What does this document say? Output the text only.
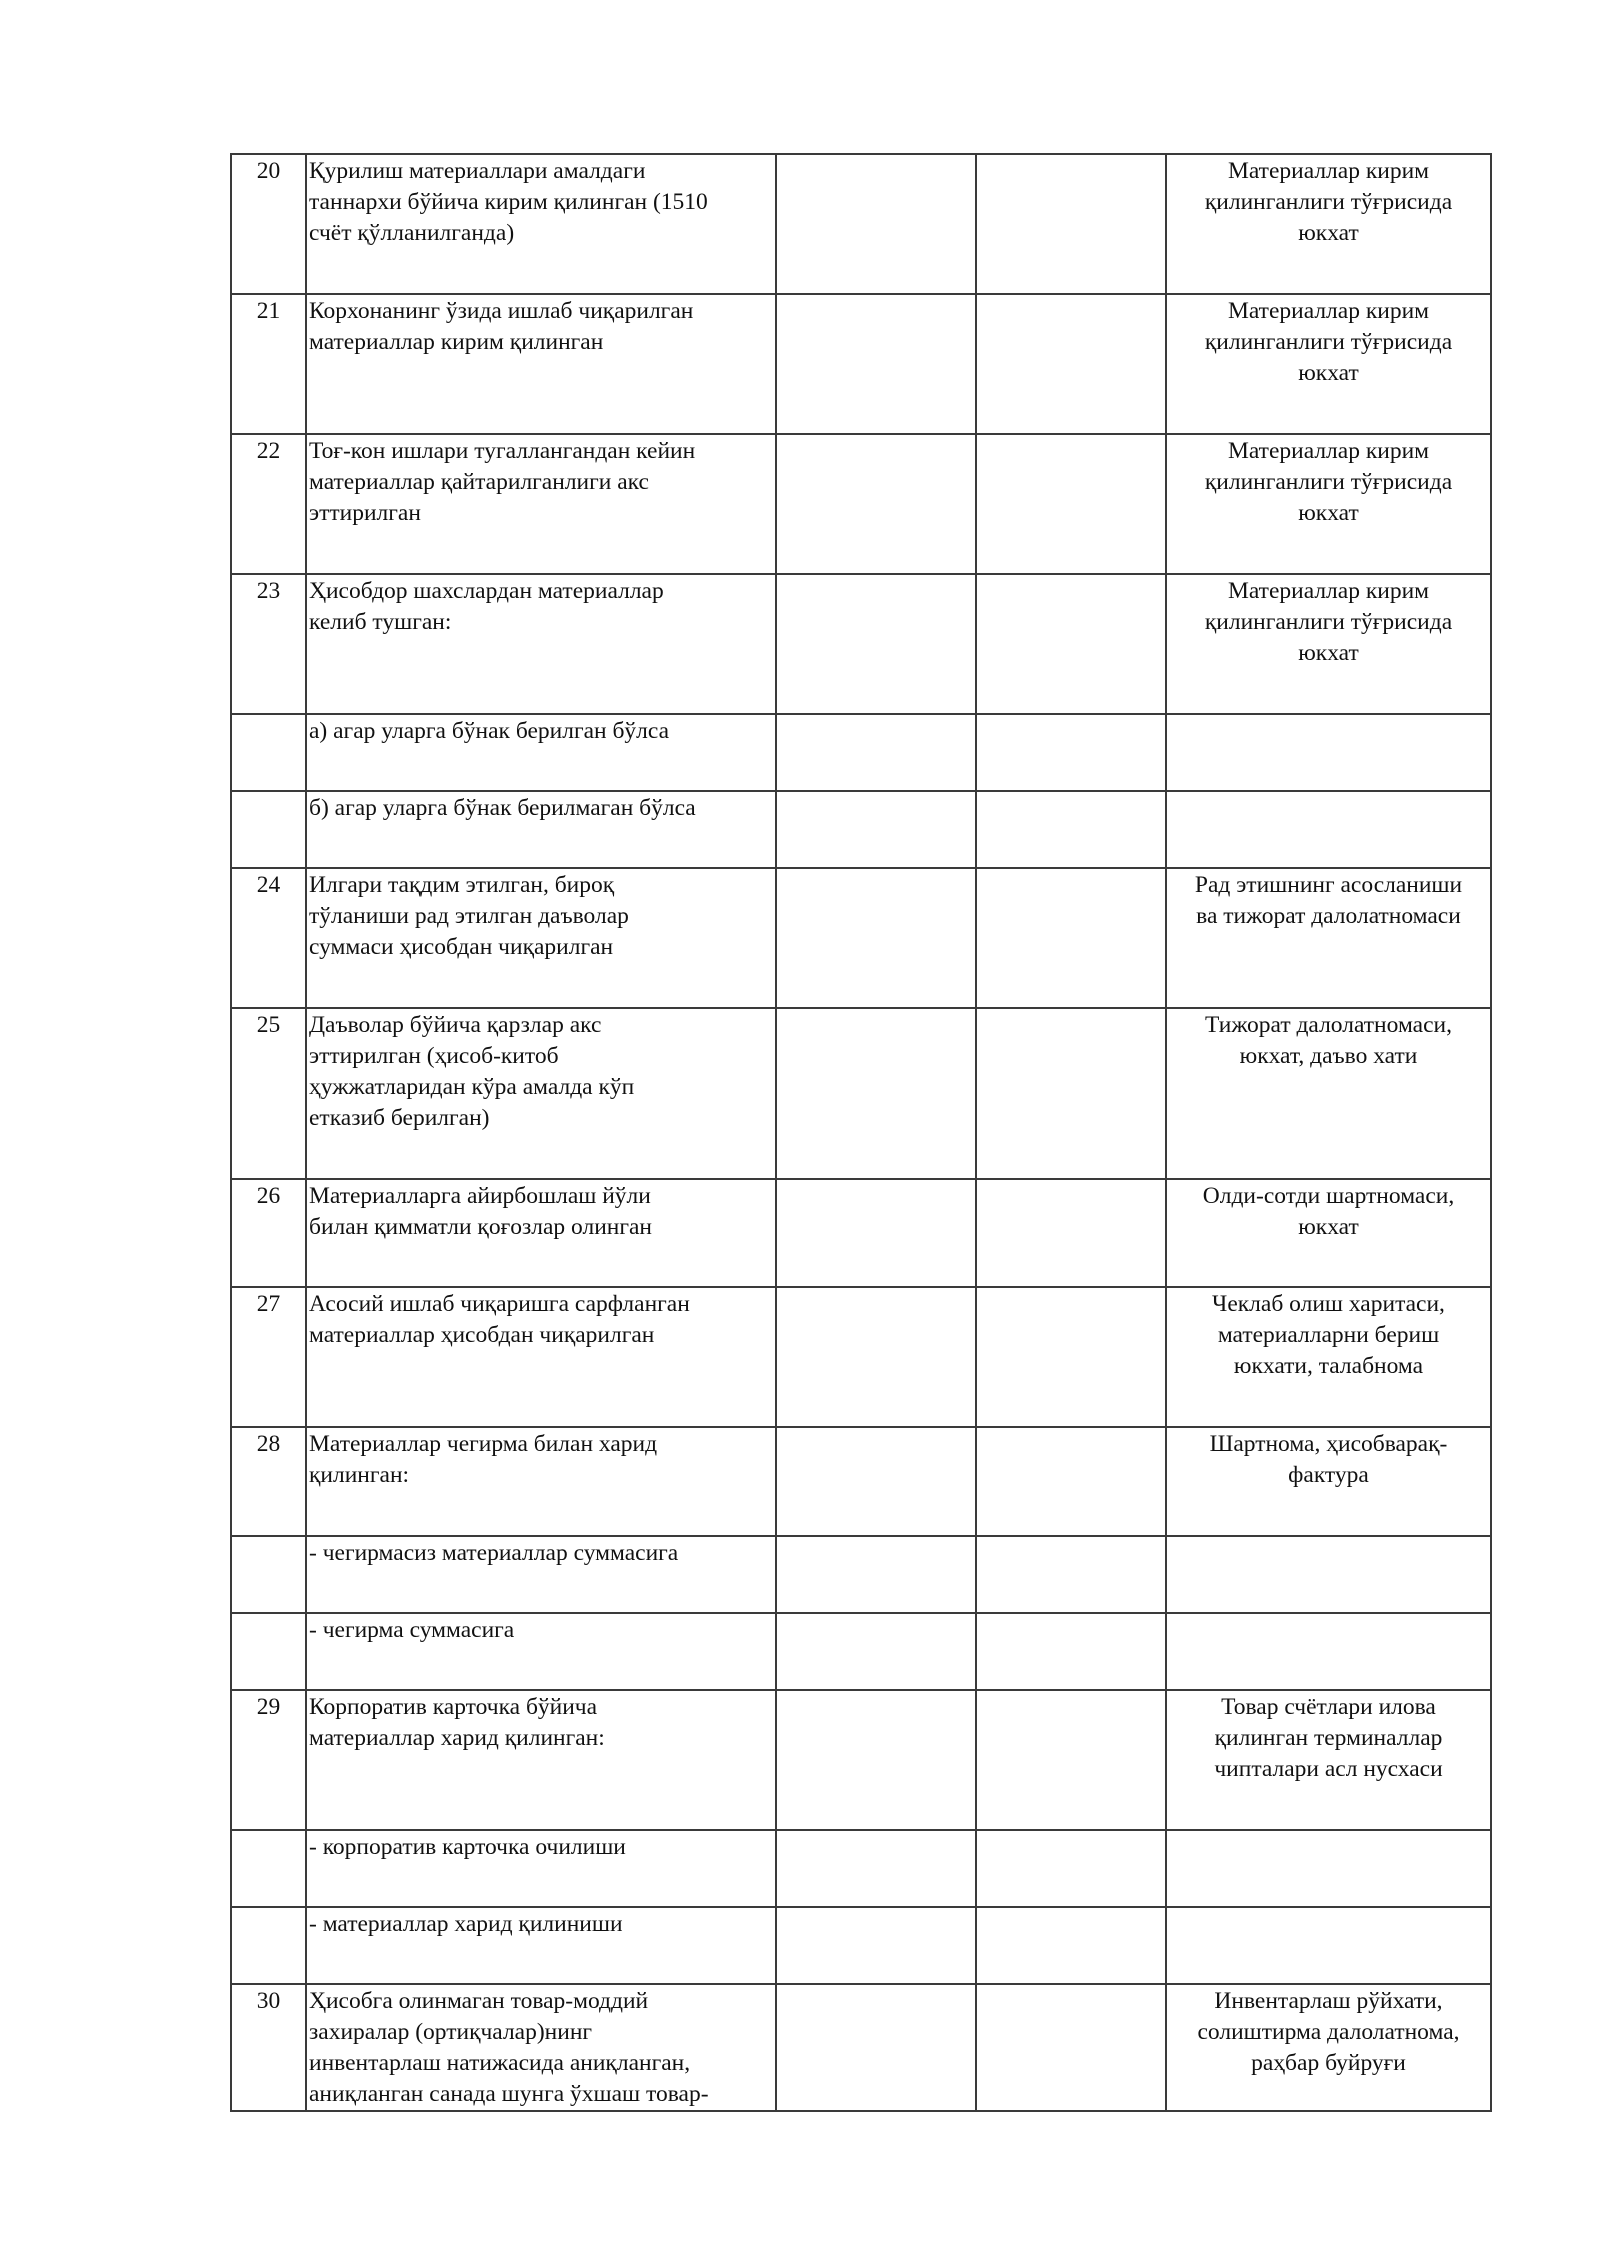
20	Қурилиш материаллари амалдаги
таннархи бўйича кирим қилинган (1510
счёт қўлланилганда)			Материаллар кирим
қилинганлиги тўғрисида
юкхат

21	Корхонанинг ўзида ишлаб чиқарилган
материаллар кирим қилинган			Материаллар кирим
қилинганлиги тўғрисида
юкхат

22	Тоғ-кон ишлари тугаллангандан кейин
материаллар қайтарилганлиги акс
эттирилган			Материаллар кирим
қилинганлиги тўғрисида
юкхат

23	Ҳисобдор шахслардан материаллар
келиб тушган:			Материаллар кирим
қилинганлиги тўғрисида
юкхат

	а) агар уларга бўнак берилган бўлса			

	б) агар уларга бўнак берилмаган бўлса			

24	Илгари тақдим этилган, бироқ
тўланиши рад этилган даъволар
суммаси ҳисобдан чиқарилган			Рад этишнинг асосланиши
ва тижорат далолатномаси

25	Даъволар бўйича қарзлар акс
эттирилган (ҳисоб-китоб
ҳужжатларидан кўра амалда кўп
етказиб берилган)			Тижорат далолатномаси,
юкхат, даъво хати

26	Материалларга айирбошлаш йўли
билан қимматли қоғозлар олинган			Олди-сотди шартномаси,
юкхат

27	Асосий ишлаб чиқаришга сарфланган
материаллар ҳисобдан чиқарилган			Чеклаб олиш харитаси,
материалларни бериш
юкхати, талабнома

28	Материаллар чегирма билан харид
қилинган:			Шартнома, ҳисобварақ-
фактура

	- чегирмасиз материаллар суммасига			

	- чегирма суммасига			

29	Корпоратив карточка бўйича
материаллар харид қилинган:			Товар счётлари илова
қилинган терминаллар
чипталари асл нусхаси

	- корпоратив карточка очилиши			

	- материаллар харид қилиниши			

30	Ҳисобга олинмаган товар-моддий
захиралар (ортиқчалар)нинг
инвентарлаш натижасида аниқланган,
аниқланган санада шунга ўхшаш товар-			Инвентарлаш рўйхати,
солиштирма далолатнома,
раҳбар буйруғи
